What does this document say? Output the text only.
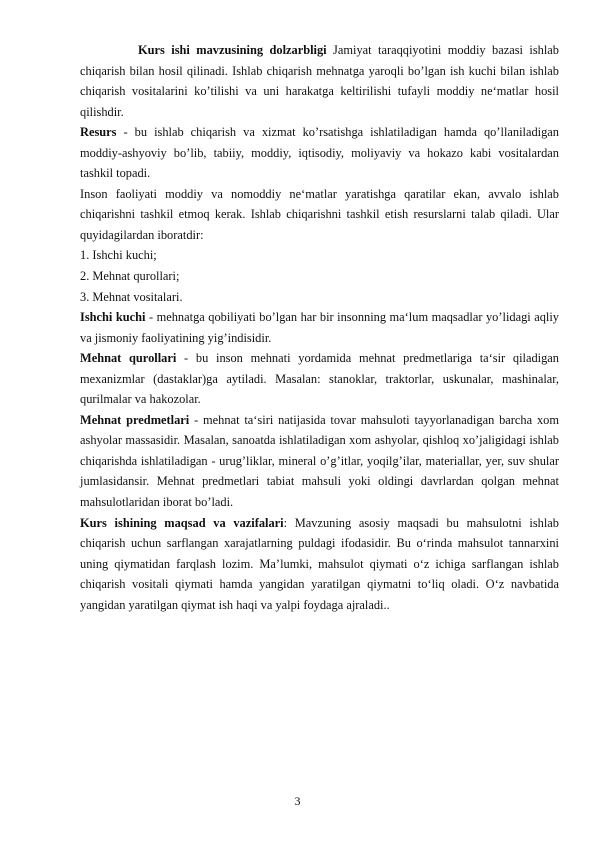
Kurs ishi mavzusining dolzarbligi Jamiyat taraqqiyotini moddiy bazasi ishlab chiqarish bilan hosil qilinadi. Ishlab chiqarish mehnatga yaroqli bo’lgan ish kuchi bilan ishlab chiqarish vositalarini ko’tilishi va uni harakatga keltirilishi tufayli moddiy ne‘matlar hosil qilishdir.

Resurs - bu ishlab chiqarish va xizmat ko’rsatishga ishlatiladigan hamda qo’llaniladigan moddiy-ashyoviy bo’lib, tabiiy, moddiy, iqtisodiy, moliyaviy va hokazo kabi vositalardan tashkil topadi.

Inson faoliyati moddiy va nomoddiy ne‘matlar yaratishga qaratilar ekan, avvalo ishlab chiqarishni tashkil etmoq kerak. Ishlab chiqarishni tashkil etish resurslarni talab qiladi. Ular quyidagilardan iboratdir:

1. Ishchi kuchi;

2. Mehnat qurollari;

3. Mehnat vositalari.

Ishchi kuchi - mehnatga qobiliyati bo’lgan har bir insonning ma‘lum maqsadlar yo’lidagi aqliy va jismoniy faoliyatining yig’indisidir.

Mehnat qurollari - bu inson mehnati yordamida mehnat predmetlariga ta‘sir qiladigan mexanizmlar (dastaklar)ga aytiladi. Masalan: stanoklar, traktorlar, uskunalar, mashinalar, qurilmalar va hakozolar.

Mehnat predmetlari - mehnat ta‘siri natijasida tovar mahsuloti tayyorlanadigan barcha xom ashyolar massasidir. Masalan, sanoatda ishlatiladigan xom ashyolar, qishloq xo’jaligidagi ishlab chiqarishda ishlatiladigan - urug’liklar, mineral o’g’itlar, yoqilg’ilar, materiallar, yer, suv shular jumlasidansir. Mehnat predmetlari tabiat mahsuli yoki oldingi davrlardan qolgan mehnat mahsulotlaridan iborat bo’ladi.

Kurs ishining maqsad va vazifalari: Mavzuning asosiy maqsadi bu mahsulotni ishlab chiqarish uchun sarflangan xarajatlarning puldagi ifodasidir. Bu o‘rinda mahsulot tannarxini uning qiymatidan farqlash lozim. Ma’lumki, mahsulot qiymati o‘z ichiga sarflangan ishlab chiqarish vositali qiymati hamda yangidan yaratilgan qiymatni to‘liq oladi. O‘z navbatida yangidan yaratilgan qiymat ish haqi va yalpi foydaga ajraladi..

3
